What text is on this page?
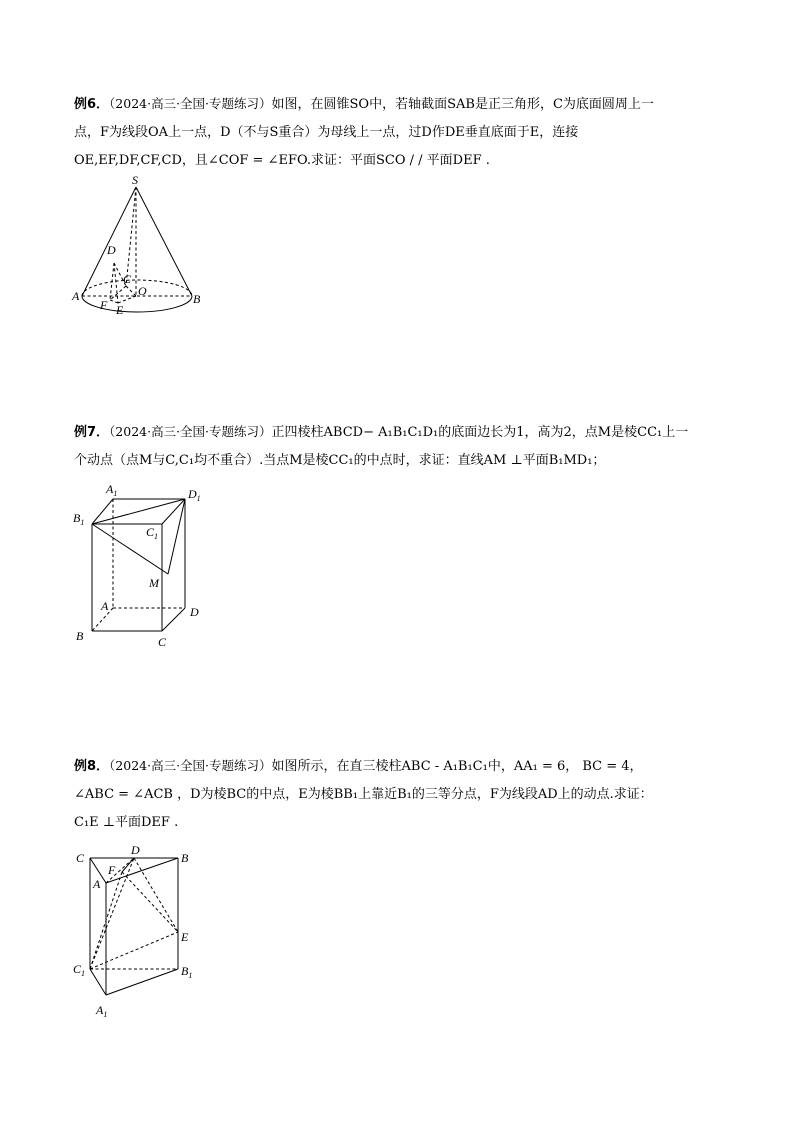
例6．（2024·高三·全国·专题练习）如图，在圆锥SO中，若轴截面SAB是正三角形，C为底面圆周上一
点，F为线段OA上一点，D（不与S重合）为母线上一点，过D作DE垂直底面于E，连接
OE,EF,DF,CF,CD，且∠COF = ∠EFO.求证：平面SCO / / 平面DEF .
S
D
C
O
A	B
F E
例7．（2024·高三·全国·专题练习）正四棱柱ABCD− A₁B₁C₁D₁的底面边长为1，高为2，点M是棱CC₁上一
个动点（点M与C,C₁均不重合）.当点M是棱CC₁的中点时，求证：直线AM ⊥平面B₁MD₁；
$A_1$	$D_1$
$B_1$
$C_1$
M
A	D
B	C
例8．（2024·高三·全国·专题练习）如图所示，在直三棱柱ABC - A₁B₁C₁中，AA₁ = 6， BC = 4，
∠ABC = ∠ACB ，D为棱BC的中点，E为棱BB₁上靠近B₁的三等分点，F为线段AD上的动点.求证：
C₁E ⊥平面DEF .
C
D
B
F
A
E
$C_1$	$B_1$
$A_1$
